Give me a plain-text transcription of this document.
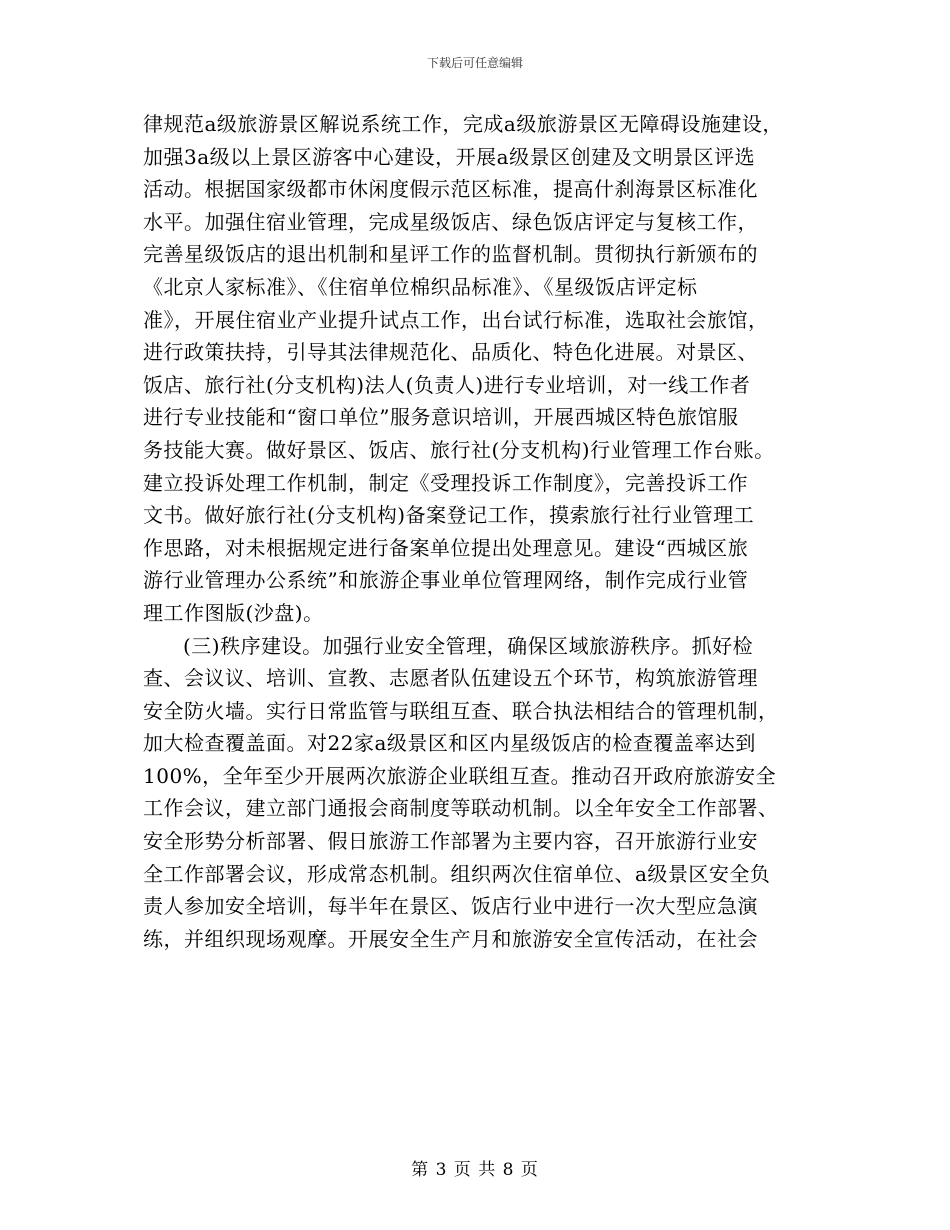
下载后可任意编辑
律规范a级旅游景区解说系统工作，完成a级旅游景区无障碍设施建设，
加强3a级以上景区游客中心建设，开展a级景区创建及文明景区评选
活动。根据国家级都市休闲度假示范区标准，提高什刹海景区标准化
水平。加强住宿业管理，完成星级饭店、绿色饭店评定与复核工作，
完善星级饭店的退出机制和星评工作的监督机制。贯彻执行新颁布的
《北京人家标准》、《住宿单位棉织品标准》、《星级饭店评定标
准》，开展住宿业产业提升试点工作，出台试行标准，选取社会旅馆，
进行政策扶持，引导其法律规范化、品质化、特色化进展。对景区、
饭店、旅行社(分支机构)法人(负责人)进行专业培训，对一线工作者
进行专业技能和“窗口单位”服务意识培训，开展西城区特色旅馆服
务技能大赛。做好景区、饭店、旅行社(分支机构)行业管理工作台账。
建立投诉处理工作机制，制定《受理投诉工作制度》，完善投诉工作
文书。做好旅行社(分支机构)备案登记工作，摸索旅行社行业管理工
作思路，对未根据规定进行备案单位提出处理意见。建设“西城区旅
游行业管理办公系统”和旅游企事业单位管理网络，制作完成行业管
理工作图版(沙盘)。
(三)秩序建设。加强行业安全管理，确保区域旅游秩序。抓好检
查、会议议、培训、宣教、志愿者队伍建设五个环节，构筑旅游管理
安全防火墙。实行日常监管与联组互查、联合执法相结合的管理机制，
加大检查覆盖面。对22家a级景区和区内星级饭店的检查覆盖率达到
100%，全年至少开展两次旅游企业联组互查。推动召开政府旅游安全
工作会议，建立部门通报会商制度等联动机制。以全年安全工作部署、
安全形势分析部署、假日旅游工作部署为主要内容，召开旅游行业安
全工作部署会议，形成常态机制。组织两次住宿单位、a级景区安全负
责人参加安全培训，每半年在景区、饭店行业中进行一次大型应急演
练，并组织现场观摩。开展安全生产月和旅游安全宣传活动，在社会
第 3 页 共 8 页
